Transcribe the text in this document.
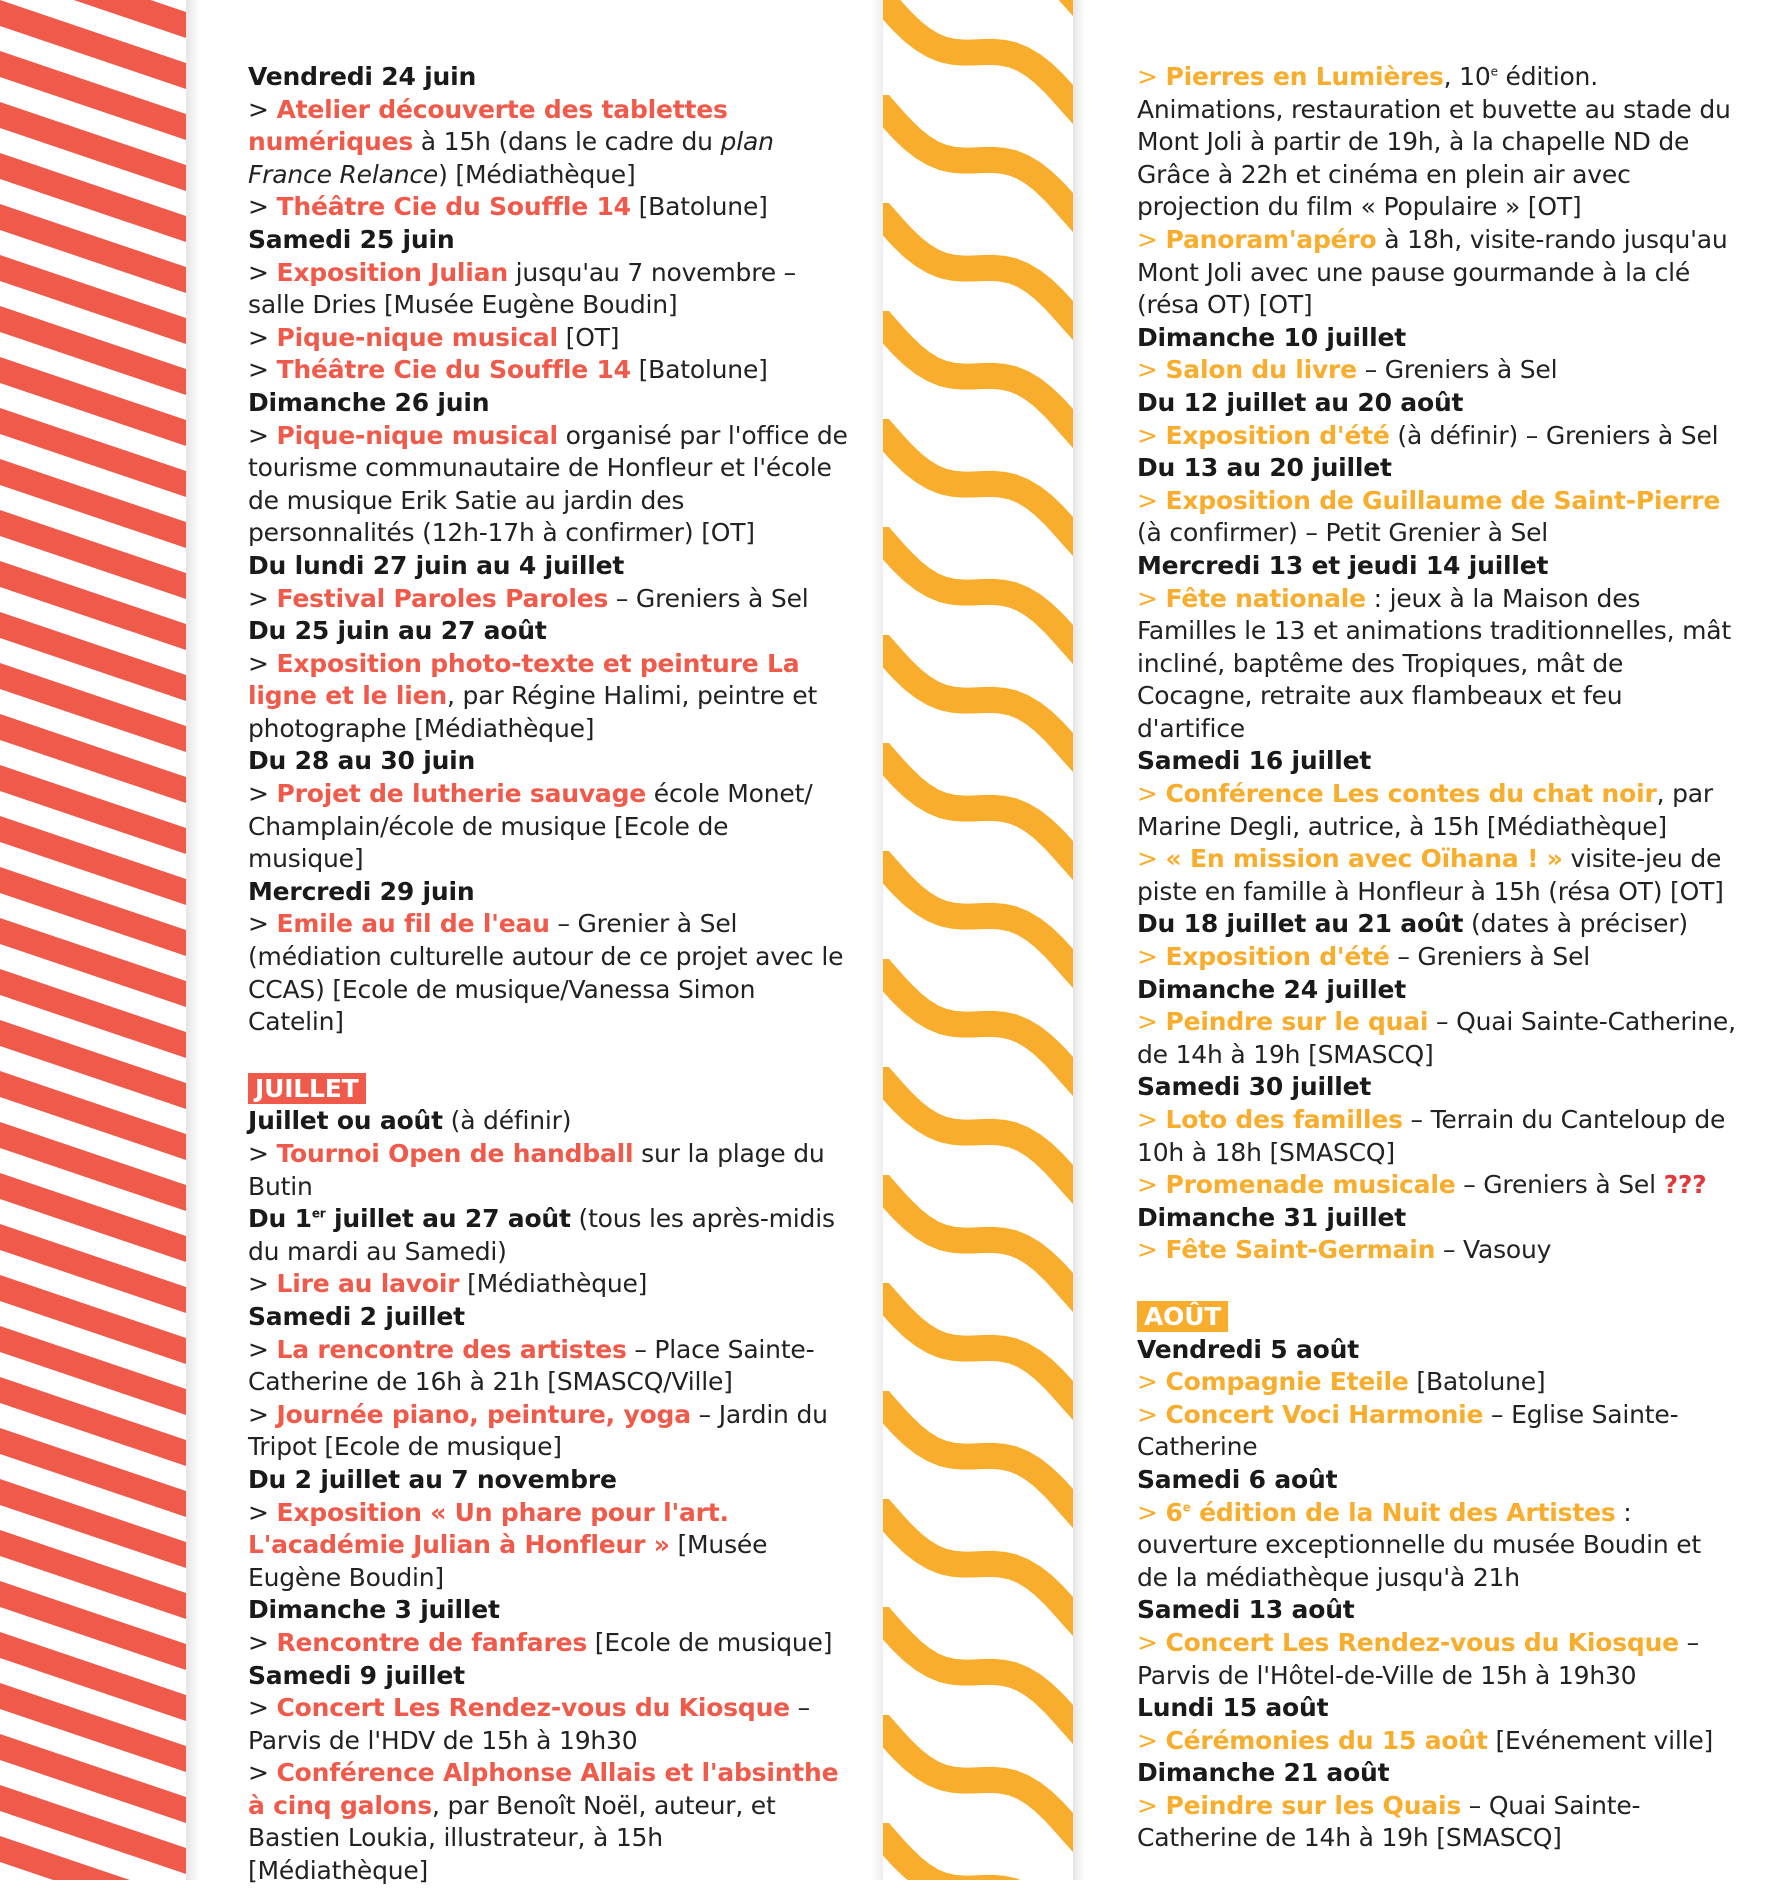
Vendredi 24 juin

> Atelier découverte des tablettes numériques à 15h (dans le cadre du plan France Relance) [Médiathèque]

> Théâtre Cie du Souffle 14 [Batolune]

Samedi 25 juin

> Exposition Julian jusqu'au 7 novembre – salle Dries [Musée Eugène Boudin]

> Pique-nique musical [OT]

> Théâtre Cie du Souffle 14 [Batolune]

Dimanche 26 juin

> Pique-nique musical organisé par l'office de tourisme communautaire de Honfleur et l'école de musique Erik Satie au jardin des personnalités (12h-17h à confirmer) [OT]

Du lundi 27 juin au 4 juillet

> Festival Paroles Paroles – Greniers à Sel

Du 25 juin au 27 août

> Exposition photo-texte et peinture La ligne et le lien, par Régine Halimi, peintre et photographe [Médiathèque]

Du 28 au 30 juin

> Projet de lutherie sauvage école Monet/ Champlain/école de musique [Ecole de musique]

Mercredi 29 juin

> Emile au fil de l'eau – Grenier à Sel (médiation culturelle autour de ce projet avec le CCAS) [Ecole de musique/Vanessa Simon Catelin]

JUILLET

Juillet ou août (à définir)

> Tournoi Open de handball sur la plage du Butin

Du 1er juillet au 27 août (tous les après-midis du mardi au Samedi)

> Lire au lavoir [Médiathèque]

Samedi 2 juillet

> La rencontre des artistes – Place Sainte-Catherine de 16h à 21h [SMASCQ/Ville]

> Journée piano, peinture, yoga – Jardin du Tripot [Ecole de musique]

Du 2 juillet au 7 novembre

> Exposition « Un phare pour l'art. L'académie Julian à Honfleur » [Musée Eugène Boudin]

Dimanche 3 juillet

> Rencontre de fanfares [Ecole de musique]

Samedi 9 juillet

> Concert Les Rendez-vous du Kiosque – Parvis de l'HDV de 15h à 19h30

> Conférence Alphonse Allais et l'absinthe à cinq galons, par Benoît Noël, auteur, et Bastien Loukia, illustrateur, à 15h [Médiathèque]

> Pierres en Lumières, 10e édition. Animations, restauration et buvette au stade du Mont Joli à partir de 19h, à la chapelle ND de Grâce à 22h et cinéma en plein air avec projection du film « Populaire » [OT]

> Panoram'apéro à 18h, visite-rando jusqu'au Mont Joli avec une pause gourmande à la clé (résa OT) [OT]

Dimanche 10 juillet

> Salon du livre – Greniers à Sel

Du 12 juillet au 20 août

> Exposition d'été (à définir) – Greniers à Sel

Du 13 au 20 juillet

> Exposition de Guillaume de Saint-Pierre (à confirmer) – Petit Grenier à Sel

Mercredi 13 et jeudi 14 juillet

> Fête nationale : jeux à la Maison des Familles le 13 et animations traditionnelles, mât incliné, baptême des Tropiques, mât de Cocagne, retraite aux flambeaux et feu d'artifice

Samedi 16 juillet

> Conférence Les contes du chat noir, par Marine Degli, autrice, à 15h [Médiathèque]

> « En mission avec Oïhana ! » visite-jeu de piste en famille à Honfleur à 15h (résa OT) [OT]

Du 18 juillet au 21 août (dates à préciser)

> Exposition d'été – Greniers à Sel

Dimanche 24 juillet

> Peindre sur le quai – Quai Sainte-Catherine, de 14h à 19h [SMASCQ]

Samedi 30 juillet

> Loto des familles – Terrain du Canteloup de 10h à 18h [SMASCQ]

> Promenade musicale – Greniers à Sel ???

Dimanche 31 juillet

> Fête Saint-Germain – Vasouy

AOÛT

Vendredi 5 août

> Compagnie Eteile [Batolune]

> Concert Voci Harmonie – Eglise Sainte-Catherine

Samedi 6 août

> $6^e$ édition de la Nuit des Artistes : ouverture exceptionnelle du musée Boudin et de la médiathèque jusqu'à 21h

Samedi 13 août

> Concert Les Rendez-vous du Kiosque – Parvis de l'Hôtel-de-Ville de 15h à 19h30

Lundi 15 août

> Cérémonies du 15 août [Evénement ville]

Dimanche 21 août

> Peindre sur les Quais – Quai Sainte-Catherine de 14h à 19h [SMASCQ]
